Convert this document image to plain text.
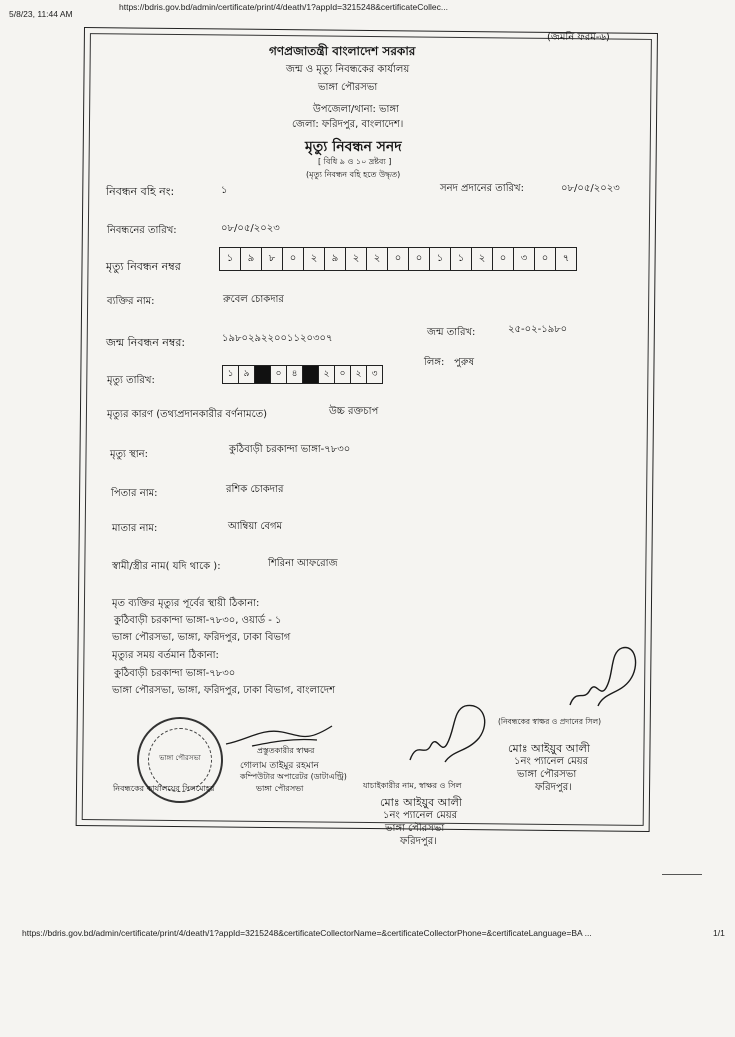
5/8/23, 11:44 AM
https://bdris.gov.bd/admin/certificate/print/4/death/1?appId=3215248&certificateCollec...
(জমনি ফরম-৬)
গণপ্রজাতন্ত্রী বাংলাদেশ সরকার
জন্ম ও মৃত্যু নিবন্ধকের কার্যালয়
ভাঙ্গা পৌরসভা
উপজেলা/থানা: ভাঙ্গা
জেলা: ফরিদপুর, বাংলাদেশ।
মৃত্যু নিবন্ধন সনদ
[ বিধি ৯ ও ১০ দ্রষ্টব্য ]
(মৃত্যু নিবন্ধন বহি হতে উদ্ধৃত)
নিবন্ধন বহি নং:	১	সনদ প্রদানের তারিখ:	০৮/০৫/২০২৩
নিবন্ধনের তারিখ:	০৮/০৫/২০২৩
মৃত্যু নিবন্ধন নম্বর
১	৯	৮	০	২	৯	২	২	০	০	১	১	২	০	৩	০	৭
ব্যক্তির নাম:	রুবেল চোকদার
জন্ম নিবন্ধন নম্বর:	১৯৮০২৯২২০০১১২০৩০৭
জন্ম তারিখ:	২৫-০২-১৯৮০
লিঙ্গ: পুরুষ
মৃত্যু তারিখ:
১	৯	০	৪	২	০	২	৩
মৃত্যুর কারণ (তথ্যপ্রদানকারীর বর্ণনামতে)	উচ্চ রক্তচাপ
মৃত্যু স্থান:	কুঠিবাড়ী চরকান্দা ভাঙ্গা-৭৮৩০
পিতার নাম:	রশিক চোকদার
মাতার নাম:	আম্বিয়া বেগম
স্বামী/স্ত্রীর নাম( যদি থাকে ):	শিরিনা আফরোজ
মৃত ব্যক্তির মৃত্যুর পূর্বের স্থায়ী ঠিকানা:
কুঠিবাড়ী চরকান্দা ভাঙ্গা-৭৮৩০, ওয়ার্ড - ১
ভাঙ্গা পৌরসভা, ভাঙ্গা, ফরিদপুর, ঢাকা বিভাগ
মৃত্যুর সময় বর্তমান ঠিকানা:
কুঠিবাড়ী চরকান্দা ভাঙ্গা-৭৮৩০
ভাঙ্গা পৌরসভা, ভাঙ্গা, ফরিদপুর, ঢাকা বিভাগ, বাংলাদেশ
ভাঙ্গা পৌরসভা
প্রস্তুতকারীর স্বাক্ষর
গোলাম তাইমুর রহমান
কম্পিউটার অপারেটর (ডাটাএন্ট্রি)
ভাঙ্গা পৌরসভা
নিবন্ধকের কার্যালয়ের সিলমোহর
(নিবন্ধকের স্বাক্ষর ও প্রদানের সিল)
মোঃ আইয়ুব আলী
১নং প্যানেল মেয়র
ভাঙ্গা পৌরসভা
ফরিদপুর।
যাচাইকারীর নাম, স্বাক্ষর ও সিল
মোঃ আইয়ুব আলী
১নং প্যানেল মেয়র
ভাঙ্গা পৌরসভা
ফরিদপুর।
https://bdris.gov.bd/admin/certificate/print/4/death/1?appId=3215248&certificateCollectorName=&certificateCollectorPhone=&certificateLanguage=BA ...	1/1
